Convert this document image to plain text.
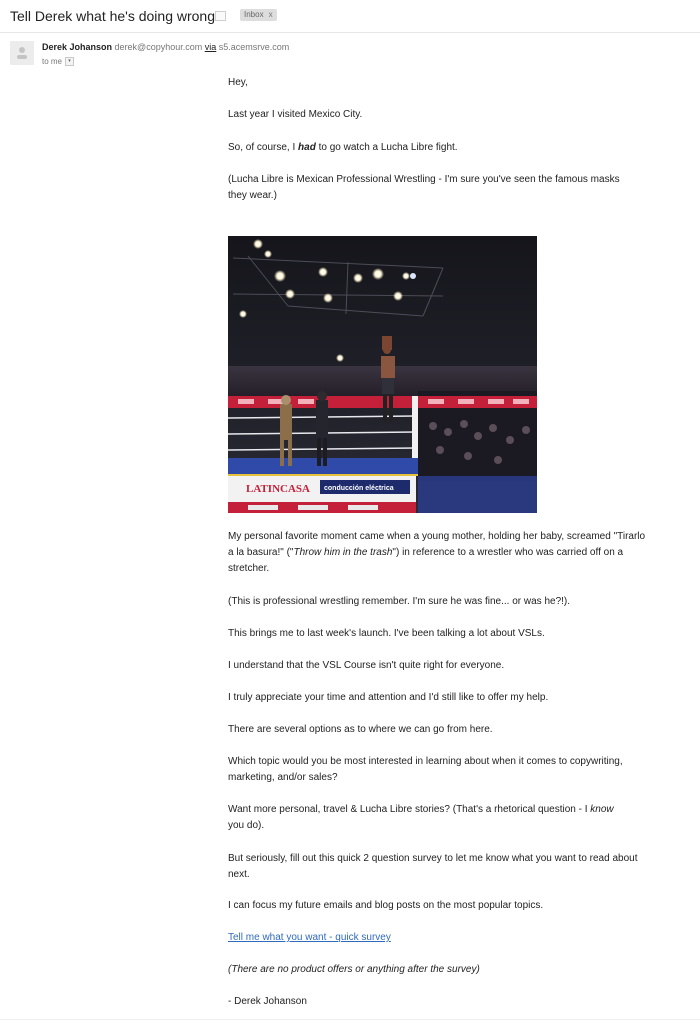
Tell Derek what he's doing wrong	Inbox x
Derek Johanson derek@copyhour.com via s5.acemsrve.com
to me	▾

Hey,

Last year I visited Mexico City.

So, of course, I had to go watch a Lucha Libre fight.

(Lucha Libre is Mexican Professional Wrestling - I'm sure you've seen the famous masks they wear.)

My personal favorite moment came when a young mother, holding her baby, screamed "Tirarlo a la basura!" ("Throw him in the trash") in reference to a wrestler who was carried off on a stretcher.

(This is professional wrestling remember. I'm sure he was fine... or was he?!).

This brings me to last week's launch. I've been talking a lot about VSLs.

I understand that the VSL Course isn't quite right for everyone.

I truly appreciate your time and attention and I'd still like to offer my help.

There are several options as to where we can go from here.

Which topic would you be most interested in learning about when it comes to copywriting, marketing, and/or sales?

Want more personal, travel & Lucha Libre stories? (That's a rhetorical question - I know you do).

But seriously, fill out this quick 2 question survey to let me know what you want to read about next.

I can focus my future emails and blog posts on the most popular topics.

Tell me what you want - quick survey

(There are no product offers or anything after the survey)

- Derek Johanson

LATINCASA conducción eléctrica
